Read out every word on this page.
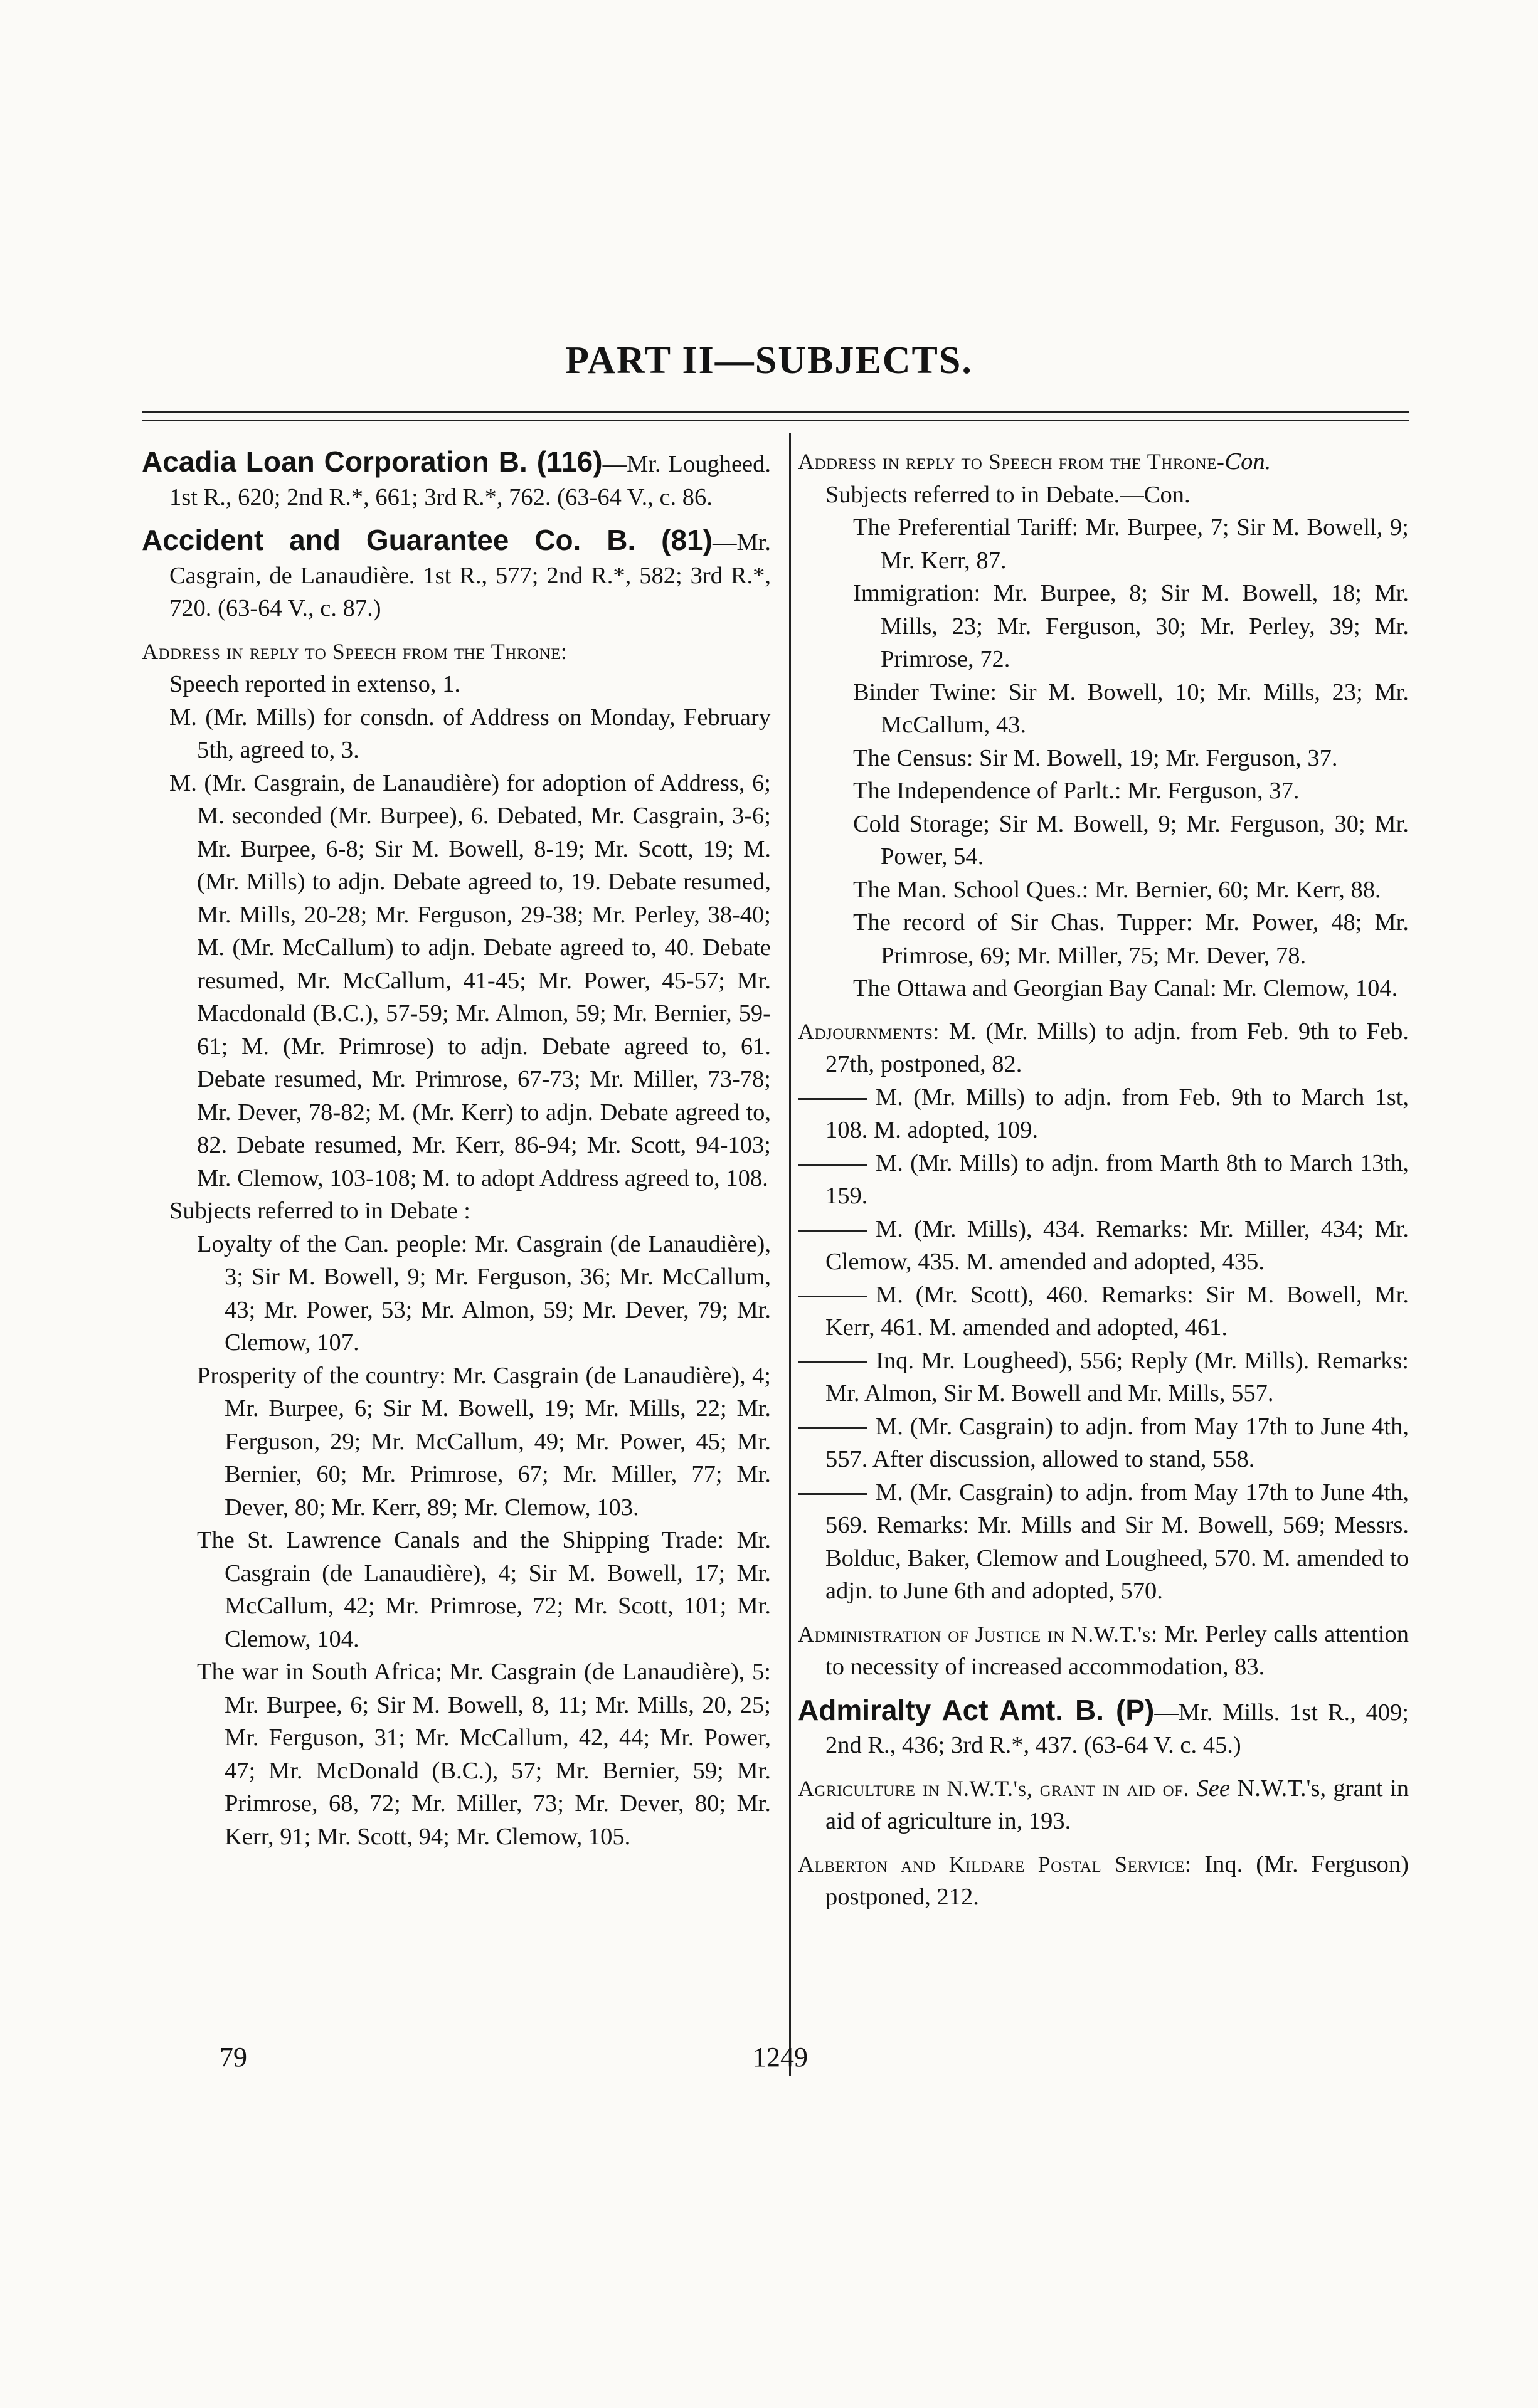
PART II—SUBJECTS.
Acadia Loan Corporation B. (116)—Mr. Lougheed. 1st R., 620; 2nd R.*, 661; 3rd R.*, 762. (63-64 V., c. 86.
Accident and Guarantee Co. B. (81)—Mr. Casgrain, de Lanaudière. 1st R., 577; 2nd R.*, 582; 3rd R.*, 720. (63-64 V., c. 87.)
Address in reply to Speech from the Throne:
Speech reported in extenso, 1.
M. (Mr. Mills) for consdn. of Address on Monday, February 5th, agreed to, 3.
M. (Mr. Casgrain, de Lanaudière) for adoption of Address, 6; M. seconded (Mr. Burpee), 6. Debated, Mr. Casgrain, 3-6; Mr. Burpee, 6-8; Sir M. Bowell, 8-19; Mr. Scott, 19; M. (Mr. Mills) to adjn. Debate agreed to, 19. Debate resumed, Mr. Mills, 20-28; Mr. Ferguson, 29-38; Mr. Perley, 38-40; M. (Mr. McCallum) to adjn. Debate agreed to, 40. Debate resumed, Mr. McCallum, 41-45; Mr. Power, 45-57; Mr. Macdonald (B.C.), 57-59; Mr. Almon, 59; Mr. Bernier, 59-61; M. (Mr. Primrose) to adjn. Debate agreed to, 61. Debate resumed, Mr. Primrose, 67-73; Mr. Miller, 73-78; Mr. Dever, 78-82; M. (Mr. Kerr) to adjn. Debate agreed to, 82. Debate resumed, Mr. Kerr, 86-94; Mr. Scott, 94-103; Mr. Clemow, 103-108; M. to adopt Address agreed to, 108.
Subjects referred to in Debate :
Loyalty of the Can. people: Mr. Casgrain (de Lanaudière), 3; Sir M. Bowell, 9; Mr. Ferguson, 36; Mr. McCallum, 43; Mr. Power, 53; Mr. Almon, 59; Mr. Dever, 79; Mr. Clemow, 107.
Prosperity of the country: Mr. Casgrain (de Lanaudière), 4; Mr. Burpee, 6; Sir M. Bowell, 19; Mr. Mills, 22; Mr. Ferguson, 29; Mr. McCallum, 49; Mr. Power, 45; Mr. Bernier, 60; Mr. Primrose, 67; Mr. Miller, 77; Mr. Dever, 80; Mr. Kerr, 89; Mr. Clemow, 103.
The St. Lawrence Canals and the Shipping Trade: Mr. Casgrain (de Lanaudière), 4; Sir M. Bowell, 17; Mr. McCallum, 42; Mr. Primrose, 72; Mr. Scott, 101; Mr. Clemow, 104.
The war in South Africa; Mr. Casgrain (de Lanaudière), 5: Mr. Burpee, 6; Sir M. Bowell, 8, 11; Mr. Mills, 20, 25; Mr. Ferguson, 31; Mr. McCallum, 42, 44; Mr. Power, 47; Mr. McDonald (B.C.), 57; Mr. Bernier, 59; Mr. Primrose, 68, 72; Mr. Miller, 73; Mr. Dever, 80; Mr. Kerr, 91; Mr. Scott, 94; Mr. Clemow, 105.
Address in reply to Speech from the Throne-Con.
Subjects referred to in Debate.—Con.
The Preferential Tariff: Mr. Burpee, 7; Sir M. Bowell, 9; Mr. Kerr, 87.
Immigration: Mr. Burpee, 8; Sir M. Bowell, 18; Mr. Mills, 23; Mr. Ferguson, 30; Mr. Perley, 39; Mr. Primrose, 72.
Binder Twine: Sir M. Bowell, 10; Mr. Mills, 23; Mr. McCallum, 43.
The Census: Sir M. Bowell, 19; Mr. Ferguson, 37.
The Independence of Parlt.: Mr. Ferguson, 37.
Cold Storage; Sir M. Bowell, 9; Mr. Ferguson, 30; Mr. Power, 54.
The Man. School Ques.: Mr. Bernier, 60; Mr. Kerr, 88.
The record of Sir Chas. Tupper: Mr. Power, 48; Mr. Primrose, 69; Mr. Miller, 75; Mr. Dever, 78.
The Ottawa and Georgian Bay Canal: Mr. Clemow, 104.
Adjournments: M. (Mr. Mills) to adjn. from Feb. 9th to Feb. 27th, postponed, 82.
M. (Mr. Mills) to adjn. from Feb. 9th to March 1st, 108. M. adopted, 109.
M. (Mr. Mills) to adjn. from Marth 8th to March 13th, 159.
M. (Mr. Mills), 434. Remarks: Mr. Miller, 434; Mr. Clemow, 435. M. amended and adopted, 435.
M. (Mr. Scott), 460. Remarks: Sir M. Bowell, Mr. Kerr, 461. M. amended and adopted, 461.
Inq. Mr. Lougheed), 556; Reply (Mr. Mills). Remarks: Mr. Almon, Sir M. Bowell and Mr. Mills, 557.
M. (Mr. Casgrain) to adjn. from May 17th to June 4th, 557. After discussion, allowed to stand, 558.
M. (Mr. Casgrain) to adjn. from May 17th to June 4th, 569. Remarks: Mr. Mills and Sir M. Bowell, 569; Messrs. Bolduc, Baker, Clemow and Lougheed, 570. M. amended to adjn. to June 6th and adopted, 570.
Administration of Justice in N.W.T.'s: Mr. Perley calls attention to necessity of increased accommodation, 83.
Admiralty Act Amt. B. (P)—Mr. Mills. 1st R., 409; 2nd R., 436; 3rd R.*, 437. (63-64 V. c. 45.)
Agriculture in N.W.T.'s, grant in aid of. See N.W.T.'s, grant in aid of agriculture in, 193.
Alberton and Kildare Postal Service: Inq. (Mr. Ferguson) postponed, 212.
79	1249
